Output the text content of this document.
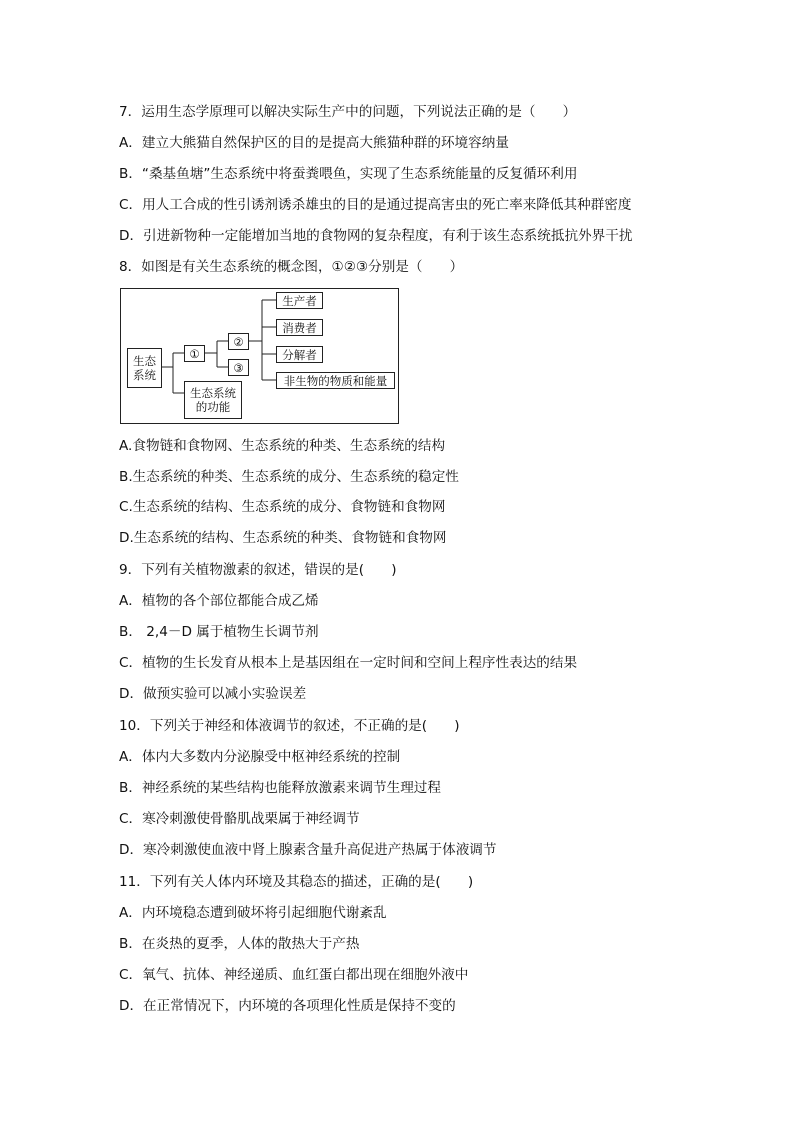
7．运用生态学原理可以解决实际生产中的问题，下列说法正确的是（　　）
A．建立大熊猫自然保护区的目的是提高大熊猫种群的环境容纳量
B．“桑基鱼塘”生态系统中将蚕粪喂鱼，实现了生态系统能量的反复循环利用
C．用人工合成的性引诱剂诱杀雄虫的目的是通过提高害虫的死亡率来降低其种群密度
D．引进新物种一定能增加当地的食物网的复杂程度，有利于该生态系统抵抗外界干扰
8．如图是有关生态系统的概念图，①②③分别是（　　）
生态
系统
①
②
③
生态系统
的功能
生产者
消费者
分解者
非生物的物质和能量
A.食物链和食物网、生态系统的种类、生态系统的结构
B.生态系统的种类、生态系统的成分、生态系统的稳定性
C.生态系统的结构、生态系统的成分、食物链和食物网
D.生态系统的结构、生态系统的种类、食物链和食物网
9．下列有关植物激素的叙述，错误的是(　　)
A．植物的各个部位都能合成乙烯
B． 2,4－D 属于植物生长调节剂
C．植物的生长发育从根本上是基因组在一定时间和空间上程序性表达的结果
D．做预实验可以减小实验误差
10．下列关于神经和体液调节的叙述，不正确的是(　　)
A．体内大多数内分泌腺受中枢神经系统的控制
B．神经系统的某些结构也能释放激素来调节生理过程
C．寒冷刺激使骨骼肌战栗属于神经调节
D．寒冷刺激使血液中肾上腺素含量升高促进产热属于体液调节
11．下列有关人体内环境及其稳态的描述，正确的是(　　)
A．内环境稳态遭到破坏将引起细胞代谢紊乱
B．在炎热的夏季，人体的散热大于产热
C．氧气、抗体、神经递质、血红蛋白都出现在细胞外液中
D．在正常情况下，内环境的各项理化性质是保持不变的
